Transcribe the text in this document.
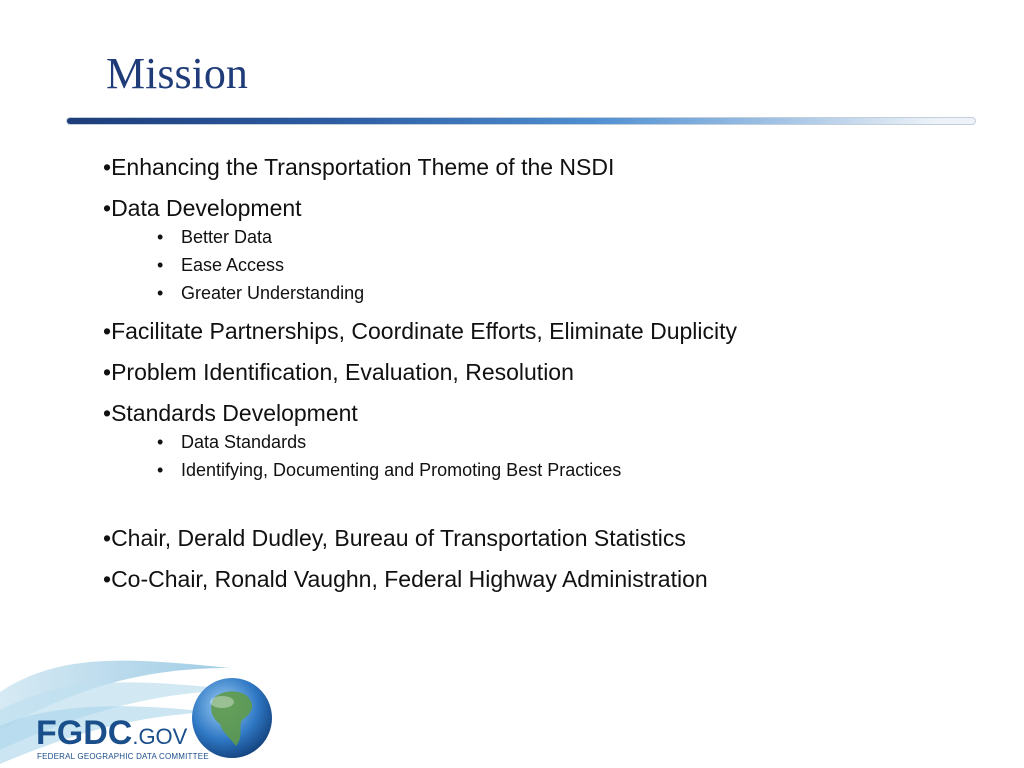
Mission
• Enhancing the Transportation Theme of the NSDI
• Data Development
• Better Data
• Ease Access
• Greater Understanding
• Facilitate Partnerships, Coordinate Efforts, Eliminate Duplicity
• Problem Identification, Evaluation, Resolution
• Standards Development
• Data Standards
• Identifying, Documenting and Promoting Best Practices
• Chair, Derald Dudley, Bureau of Transportation Statistics
• Co-Chair, Ronald Vaughn, Federal Highway Administration
FGDC.GOV
FEDERAL GEOGRAPHIC DATA COMMITTEE
